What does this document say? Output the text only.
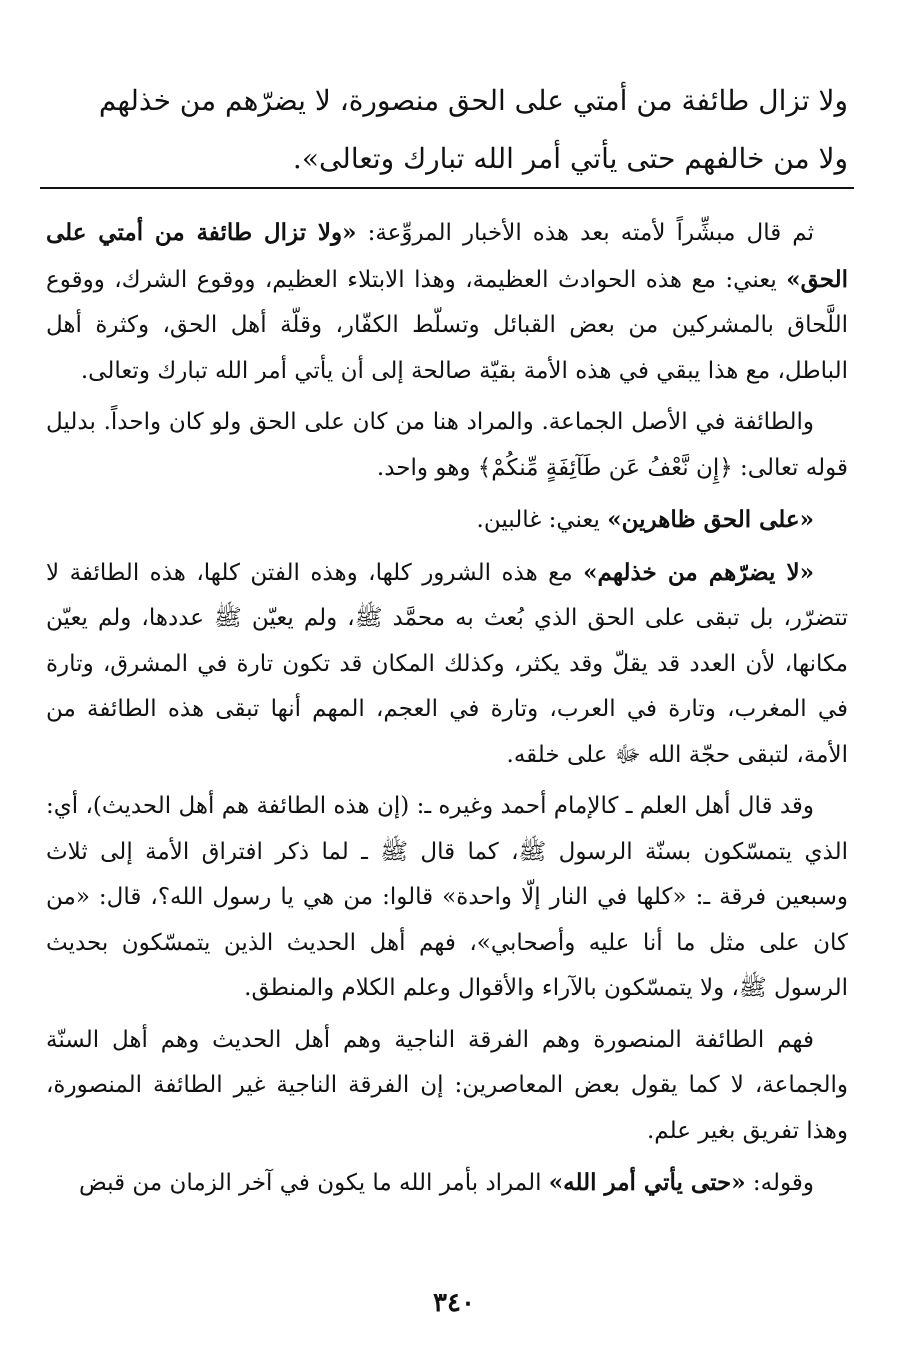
ولا تزال طائفة من أمتي على الحق منصورة، لا يضرّهم من خذلهم

ولا من خالفهم حتى يأتي أمر الله تبارك وتعالى».

ثم قال مبشِّراً لأمته بعد هذه الأخبار المروِّعة: «ولا تزال طائفة من أمتي على الحق» يعني: مع هذه الحوادث العظيمة، وهذا الابتلاء العظيم، ووقوع الشرك، ووقوع اللَّحاق بالمشركين من بعض القبائل وتسلّط الكفّار، وقلّة أهل الحق، وكثرة أهل الباطل، مع هذا يبقي في هذه الأمة بقيّة صالحة إلى أن يأتي أمر الله تبارك وتعالى.

والطائفة في الأصل الجماعة. والمراد هنا من كان على الحق ولو كان واحداً. بدليل قوله تعالى: ﴿إِن نَّعْفُ عَن طَآئِفَةٍ مِّنكُمْ﴾ وهو واحد.

«على الحق ظاهرين» يعني: غالبين.

«لا يضرّهم من خذلهم» مع هذه الشرور كلها، وهذه الفتن كلها، هذه الطائفة لا تتضرّر، بل تبقى على الحق الذي بُعث به محمَّد ﷺ، ولم يعيّن ﷺ عددها، ولم يعيّن مكانها، لأن العدد قد يقلّ وقد يكثر، وكذلك المكان قد تكون تارة في المشرق، وتارة في المغرب، وتارة في العرب، وتارة في العجم، المهم أنها تبقى هذه الطائفة من الأمة، لتبقى حجّة الله ﷻ على خلقه.

وقد قال أهل العلم ـ كالإمام أحمد وغيره ـ: (إن هذه الطائفة هم أهل الحديث)، أي: الذي يتمسّكون بسنّة الرسول ﷺ، كما قال ﷺ ـ لما ذكر افتراق الأمة إلى ثلاث وسبعين فرقة ـ: «كلها في النار إلّا واحدة» قالوا: من هي يا رسول الله؟، قال: «من كان على مثل ما أنا عليه وأصحابي»، فهم أهل الحديث الذين يتمسّكون بحديث الرسول ﷺ، ولا يتمسّكون بالآراء والأقوال وعلم الكلام والمنطق.

فهم الطائفة المنصورة وهم الفرقة الناجية وهم أهل الحديث وهم أهل السنّة والجماعة، لا كما يقول بعض المعاصرين: إن الفرقة الناجية غير الطائفة المنصورة، وهذا تفريق بغير علم.

وقوله: «حتى يأتي أمر الله» المراد بأمر الله ما يكون في آخر الزمان من قبض

٣٤٠
